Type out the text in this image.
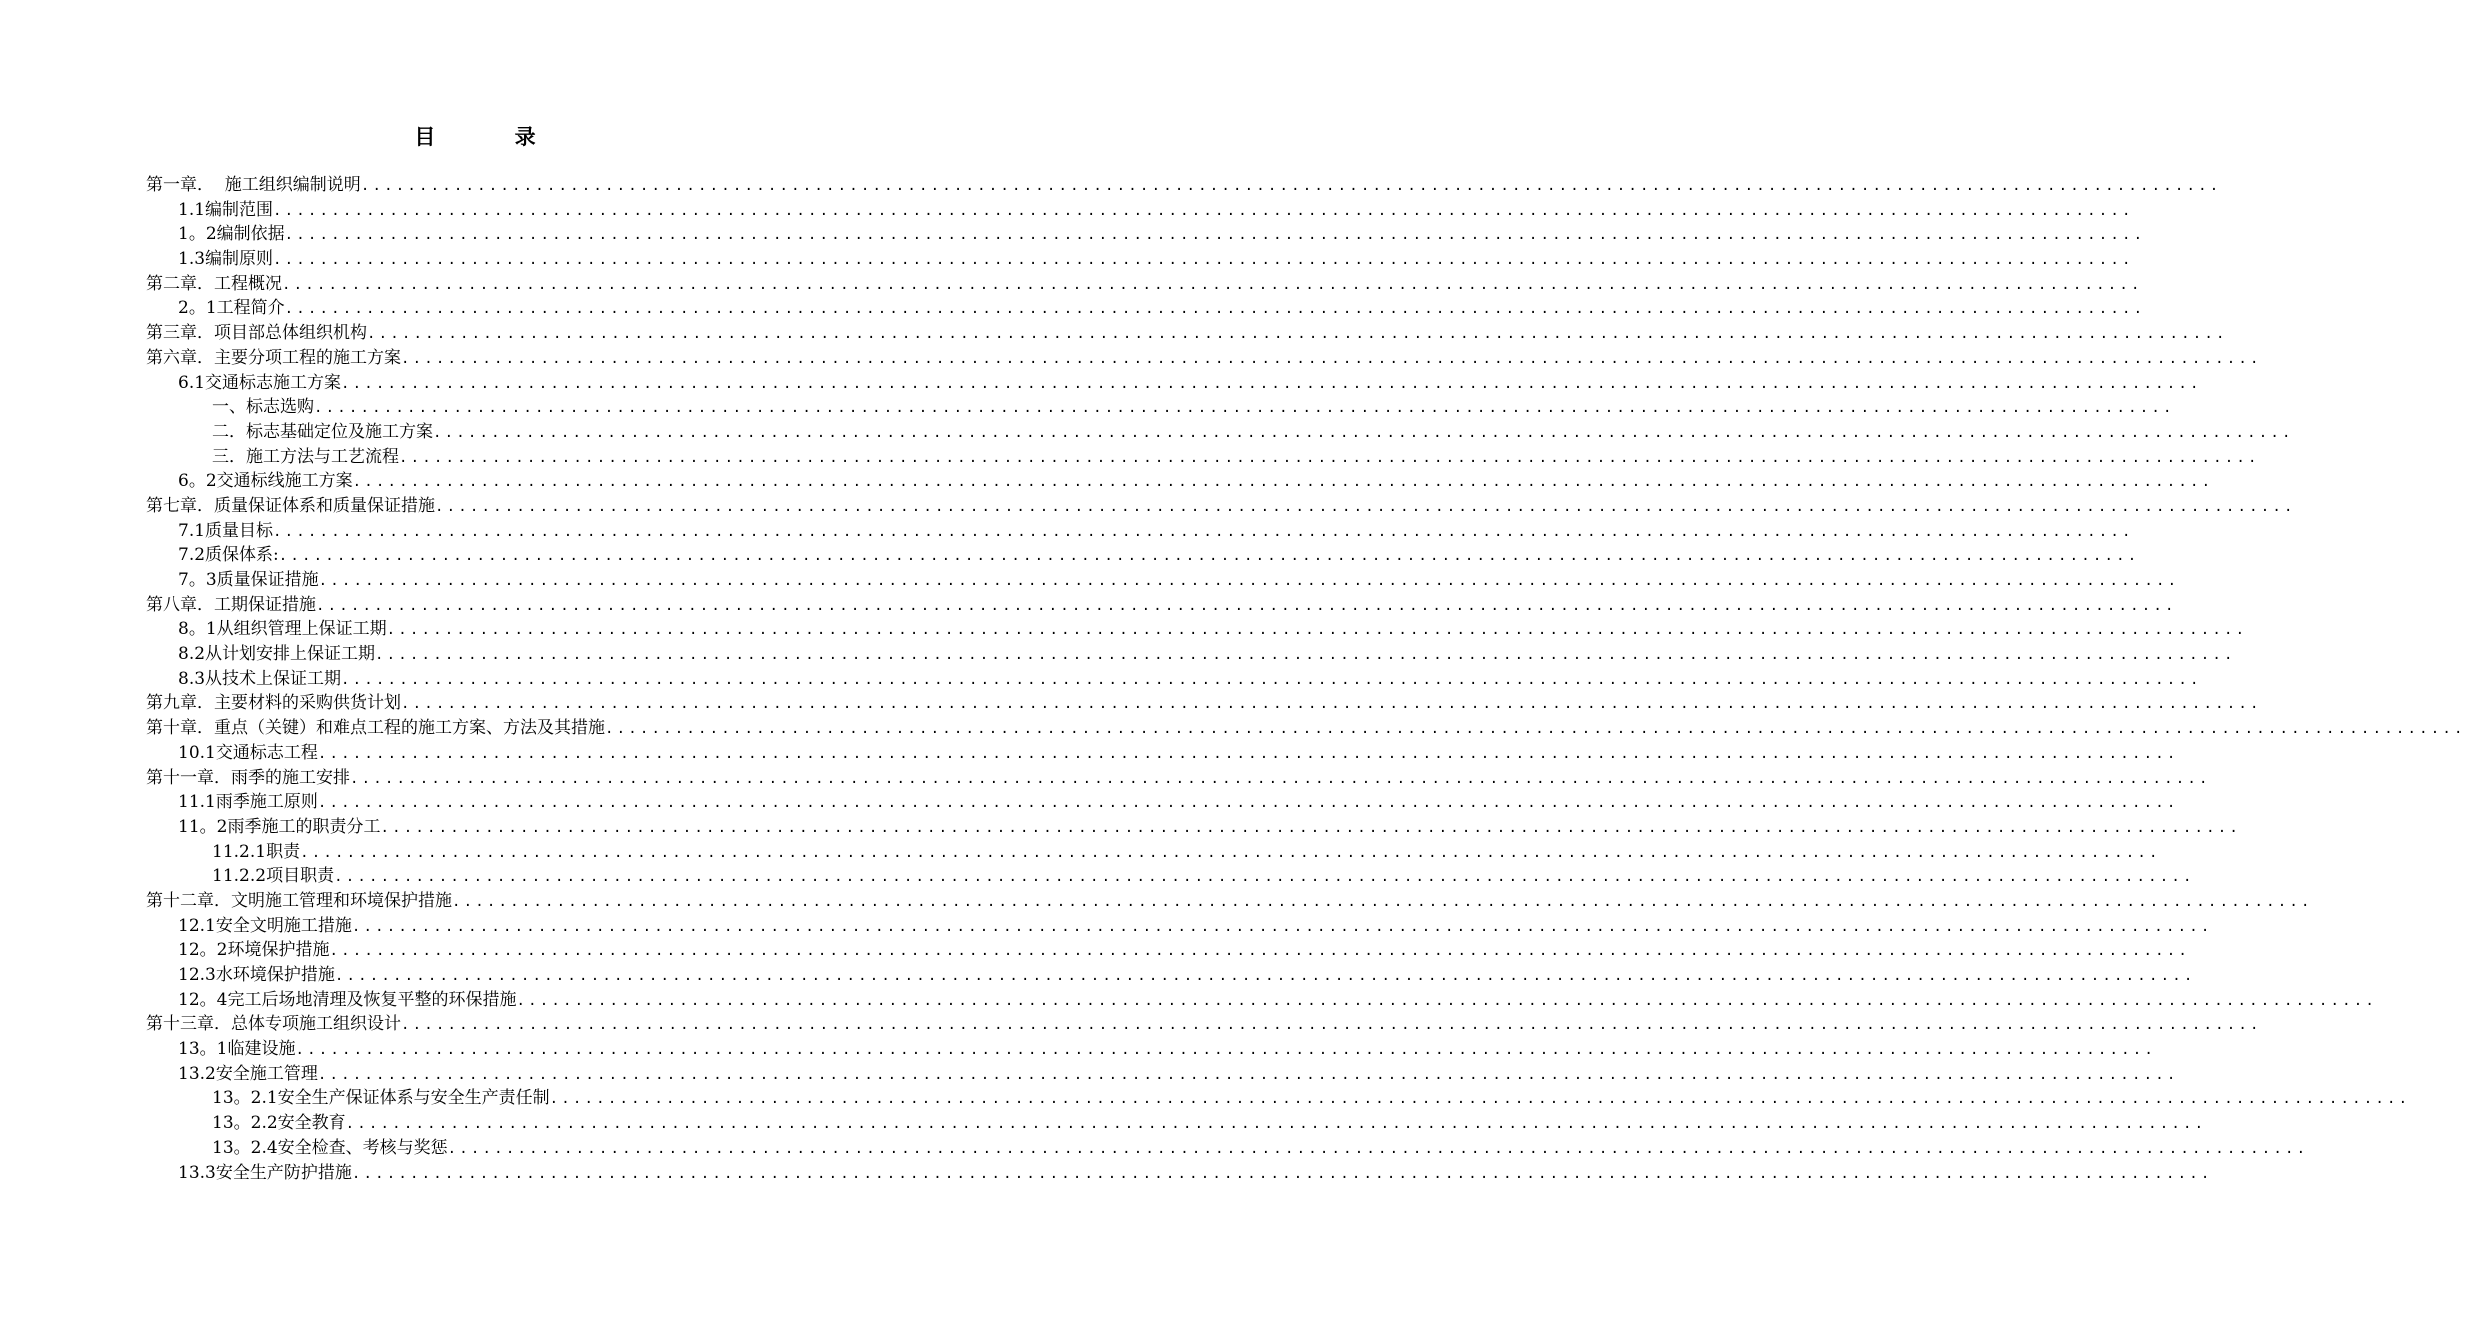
目 录
第一章．  施工组织编制说明 ................................................................................................................................................................
1.1编制范围 ................................................................................................................................................................
1。2编制依据 ................................................................................................................................................................
1.3编制原则 ................................................................................................................................................................
第二章．工程概况 ................................................................................................................................................................
2。1工程简介 ................................................................................................................................................................
第三章．项目部总体组织机构 ................................................................................................................................................................
第六章．主要分项工程的施工方案 ................................................................................................................................................................
6.1交通标志施工方案 ................................................................................................................................................................
一、标志选购 ................................................................................................................................................................
二．标志基础定位及施工方案 ................................................................................................................................................................
三．施工方法与工艺流程 ................................................................................................................................................................
6。2交通标线施工方案 ................................................................................................................................................................
第七章．质量保证体系和质量保证措施 ................................................................................................................................................................
7.1质量目标 ................................................................................................................................................................
7.2质保体系: ................................................................................................................................................................
7。3质量保证措施 ................................................................................................................................................................
第八章．工期保证措施 ................................................................................................................................................................
8。1从组织管理上保证工期 ................................................................................................................................................................
8.2从计划安排上保证工期 ................................................................................................................................................................
8.3从技术上保证工期 ................................................................................................................................................................
第九章．主要材料的采购供货计划 ................................................................................................................................................................
第十章．重点（关键）和难点工程的施工方案、方法及其措施 ................................................................................................................................................................
10.1交通标志工程 ................................................................................................................................................................
第十一章．雨季的施工安排 ................................................................................................................................................................
11.1雨季施工原则 ................................................................................................................................................................
11。2雨季施工的职责分工 ................................................................................................................................................................
11.2.1职责 ................................................................................................................................................................
11.2.2项目职责 ................................................................................................................................................................
第十二章．文明施工管理和环境保护措施 ................................................................................................................................................................
12.1安全文明施工措施 ................................................................................................................................................................
12。2环境保护措施 ................................................................................................................................................................
12.3水环境保护措施 ................................................................................................................................................................
12。4完工后场地清理及恢复平整的环保措施 ................................................................................................................................................................
第十三章．总体专项施工组织设计 ................................................................................................................................................................
13。1临建设施 ................................................................................................................................................................
13.2安全施工管理 ................................................................................................................................................................
13。2.1安全生产保证体系与安全生产责任制 ................................................................................................................................................................
13。2.2安全教育 ................................................................................................................................................................
13。2.4安全检查、考核与奖惩 ................................................................................................................................................................
13.3安全生产防护措施 ................................................................................................................................................................
